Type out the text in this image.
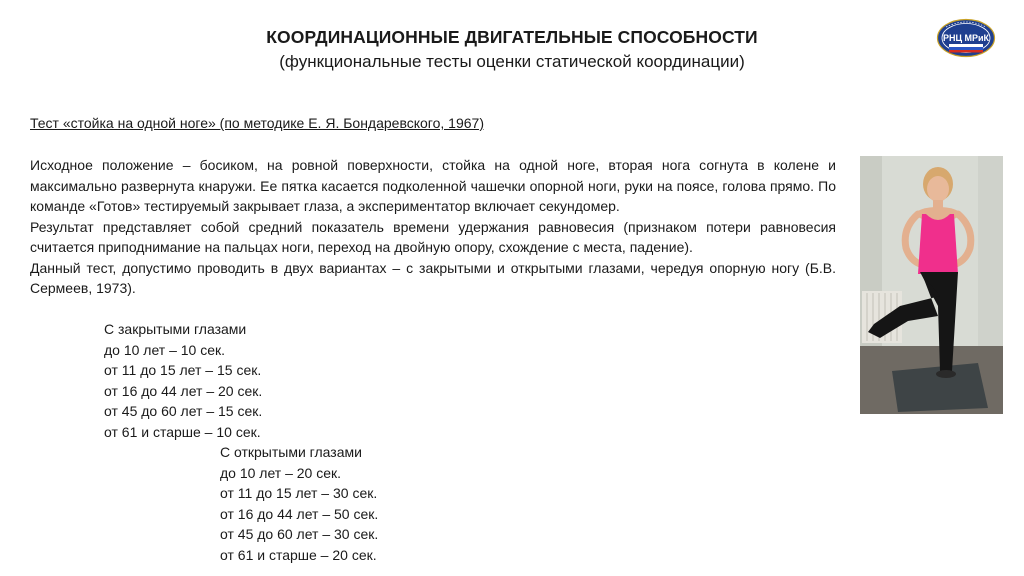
КООРДИНАЦИОННЫЕ ДВИГАТЕЛЬНЫЕ СПОСОБНОСТИ
(функциональные тесты оценки статической координации)
РНЦ МРиК
Тест «стойка на одной ноге» (по методике Е. Я. Бондаревского, 1967)

Исходное положение – босиком, на ровной поверхности, стойка на одной ноге, вторая нога согнута в колене и максимально развернута кнаружи. Ее пятка касается подколенной чашечки опорной ноги, руки на поясе, голова прямо. По команде «Готов» тестируемый закрывает глаза, а экспериментатор включает секундомер.

Результат представляет собой средний показатель времени удержания равновесия (признаком потери равновесия считается приподнимание на пальцах ноги, переход на двойную опору, схождение с места, падение).

Данный тест, допустимо проводить в двух вариантах – с закрытыми и открытыми глазами, чередуя опорную ногу (Б.В. Сермеев, 1973).

С закрытыми глазами
до 10 лет – 10 сек.
от 11 до 15 лет – 15 сек.
от 16 до 44 лет – 20 сек.
от 45 до 60 лет – 15 сек.
от 61 и старше – 10 сек.
С открытыми глазами
до 10 лет – 20 сек.
от 11 до 15 лет – 30 сек.
от 16 до 44 лет – 50 сек.
от 45 до 60 лет – 30 сек.
от 61 и старше – 20 сек.
